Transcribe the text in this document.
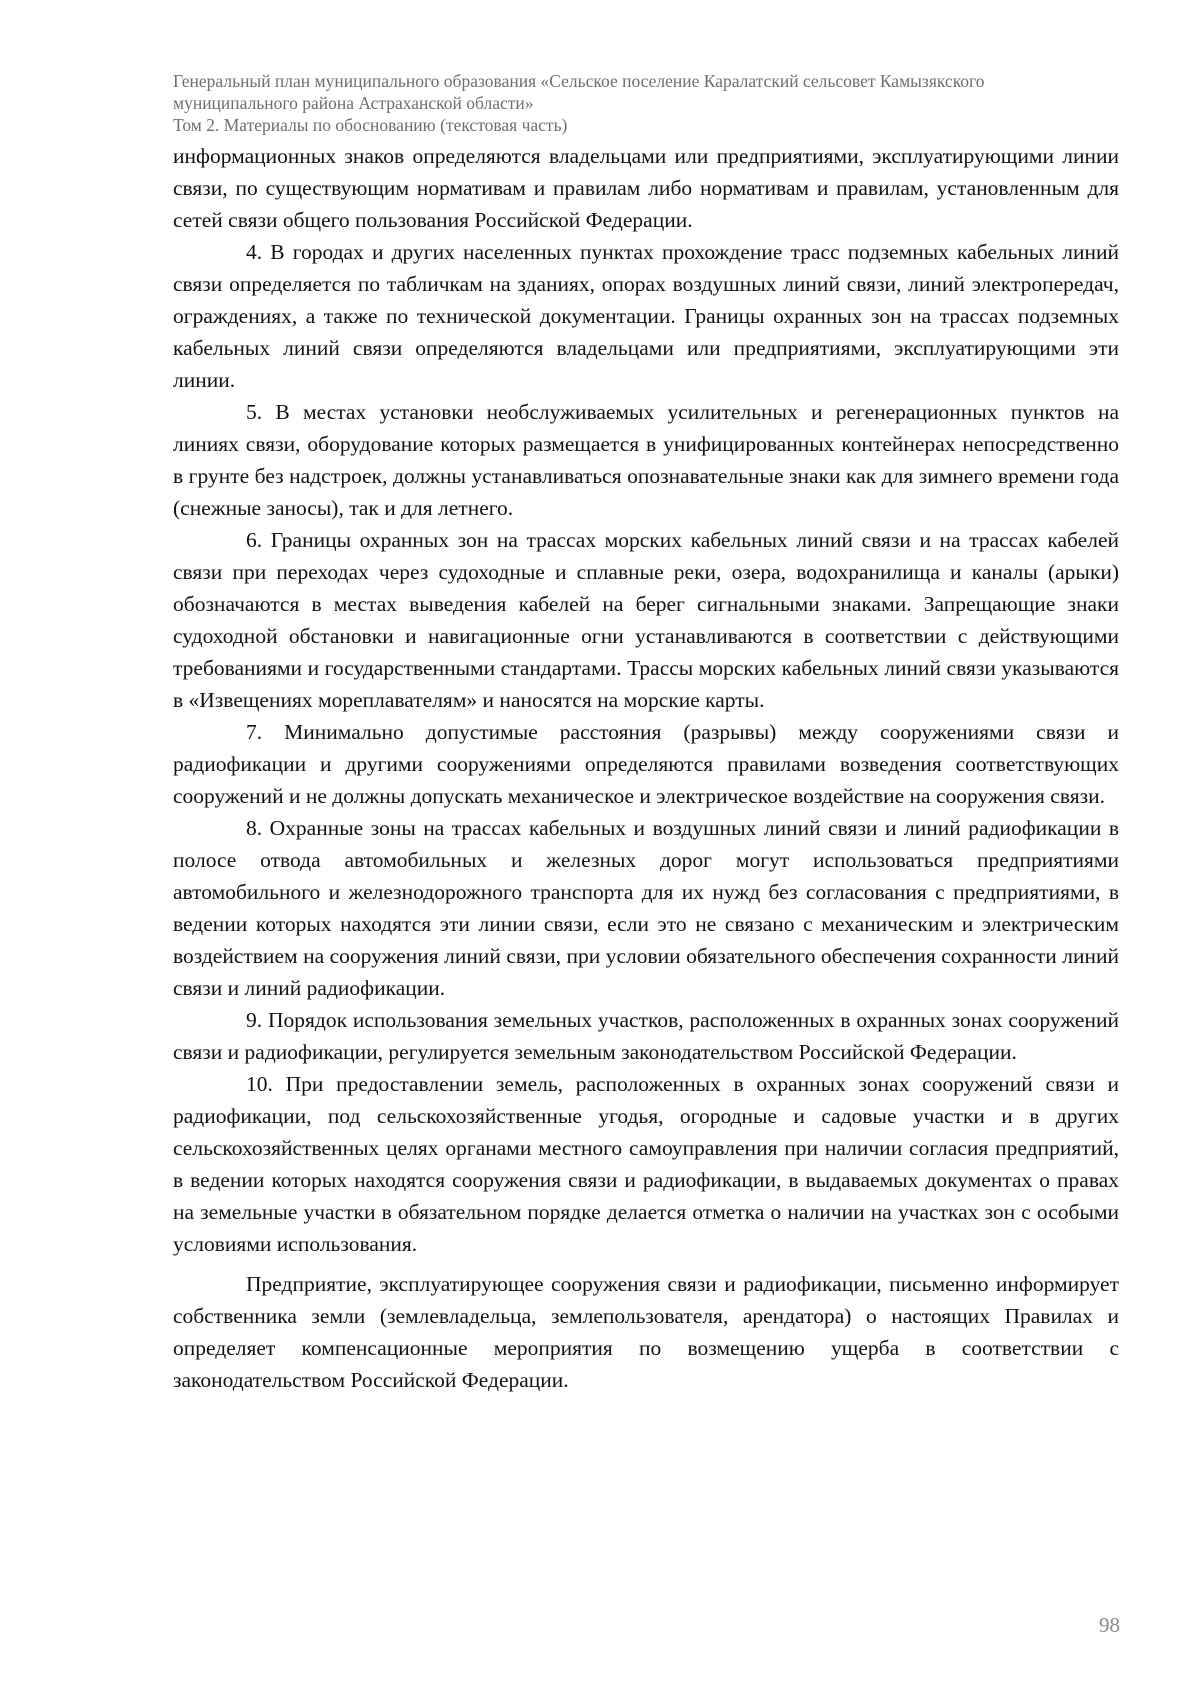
Генеральный план муниципального образования «Сельское поселение Каралатский сельсовет Камызякского
муниципального района Астраханской области»
Том 2. Материалы по обоснованию (текстовая часть)

информационных знаков определяются владельцами или предприятиями, эксплуатирующими линии связи, по существующим нормативам и правилам либо нормативам и правилам, установленным для сетей связи общего пользования Российской Федерации.

4. В городах и других населенных пунктах прохождение трасс подземных кабельных линий связи определяется по табличкам на зданиях, опорах воздушных линий связи, линий электропередач, ограждениях, а также по технической документации. Границы охранных зон на трассах подземных кабельных линий связи определяются владельцами или предприятиями, эксплуатирующими эти линии.

5. В местах установки необслуживаемых усилительных и регенерационных пунктов на линиях связи, оборудование которых размещается в унифицированных контейнерах непосредственно в грунте без надстроек, должны устанавливаться опознавательные знаки как для зимнего времени года (снежные заносы), так и для летнего.

6. Границы охранных зон на трассах морских кабельных линий связи и на трассах кабелей связи при переходах через судоходные и сплавные реки, озера, водохранилища и каналы (арыки) обозначаются в местах выведения кабелей на берег сигнальными знаками. Запрещающие знаки судоходной обстановки и навигационные огни устанавливаются в соответствии с действующими требованиями и государственными стандартами. Трассы морских кабельных линий связи указываются в «Извещениях мореплавателям» и наносятся на морские карты.

7. Минимально допустимые расстояния (разрывы) между сооружениями связи и радиофикации и другими сооружениями определяются правилами возведения соответствующих сооружений и не должны допускать механическое и электрическое воздействие на сооружения связи.

8. Охранные зоны на трассах кабельных и воздушных линий связи и линий радиофикации в полосе отвода автомобильных и железных дорог могут использоваться предприятиями автомобильного и железнодорожного транспорта для их нужд без согласования с предприятиями, в ведении которых находятся эти линии связи, если это не связано с механическим и электрическим воздействием на сооружения линий связи, при условии обязательного обеспечения сохранности линий связи и линий радиофикации.

9. Порядок использования земельных участков, расположенных в охранных зонах сооружений связи и радиофикации, регулируется земельным законодательством Российской Федерации.

10. При предоставлении земель, расположенных в охранных зонах сооружений связи и радиофикации, под сельскохозяйственные угодья, огородные и садовые участки и в других сельскохозяйственных целях органами местного самоуправления при наличии согласия предприятий, в ведении которых находятся сооружения связи и радиофикации, в выдаваемых документах о правах на земельные участки в обязательном порядке делается отметка о наличии на участках зон с особыми условиями использования.

Предприятие, эксплуатирующее сооружения связи и радиофикации, письменно информирует собственника земли (землевладельца, землепользователя, арендатора) о настоящих Правилах и определяет компенсационные мероприятия по возмещению ущерба в соответствии с законодательством Российской Федерации.

98
